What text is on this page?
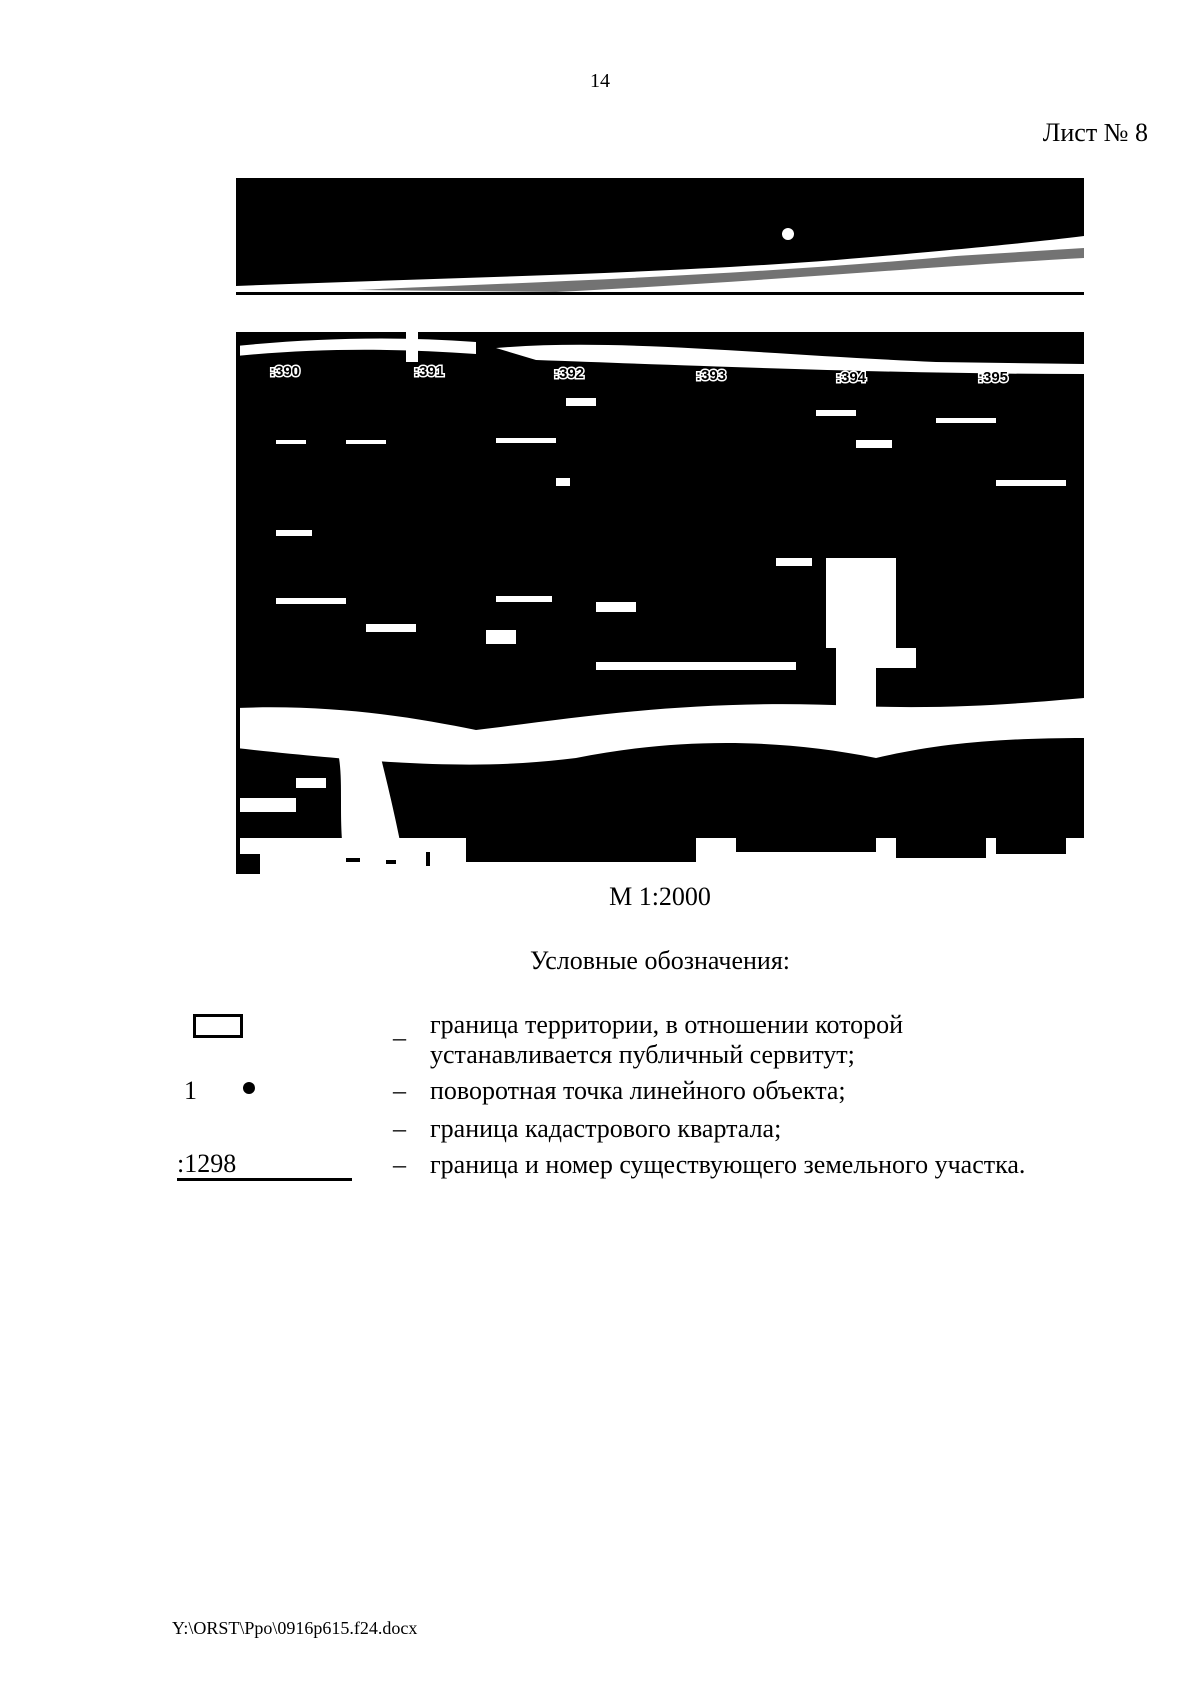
14
Лист № 8
:390	:391	:392	:393	:394	:395
М 1:2000
Условные обозначения:
_ граница территории, в отношении которой
устанавливается публичный сервитут;
1	– поворотная точка линейного объекта;
– граница кадастрового квартала;
:1298	– граница и номер существующего земельного участка.
Y:\ORST\Ppo\0916p615.f24.docx
